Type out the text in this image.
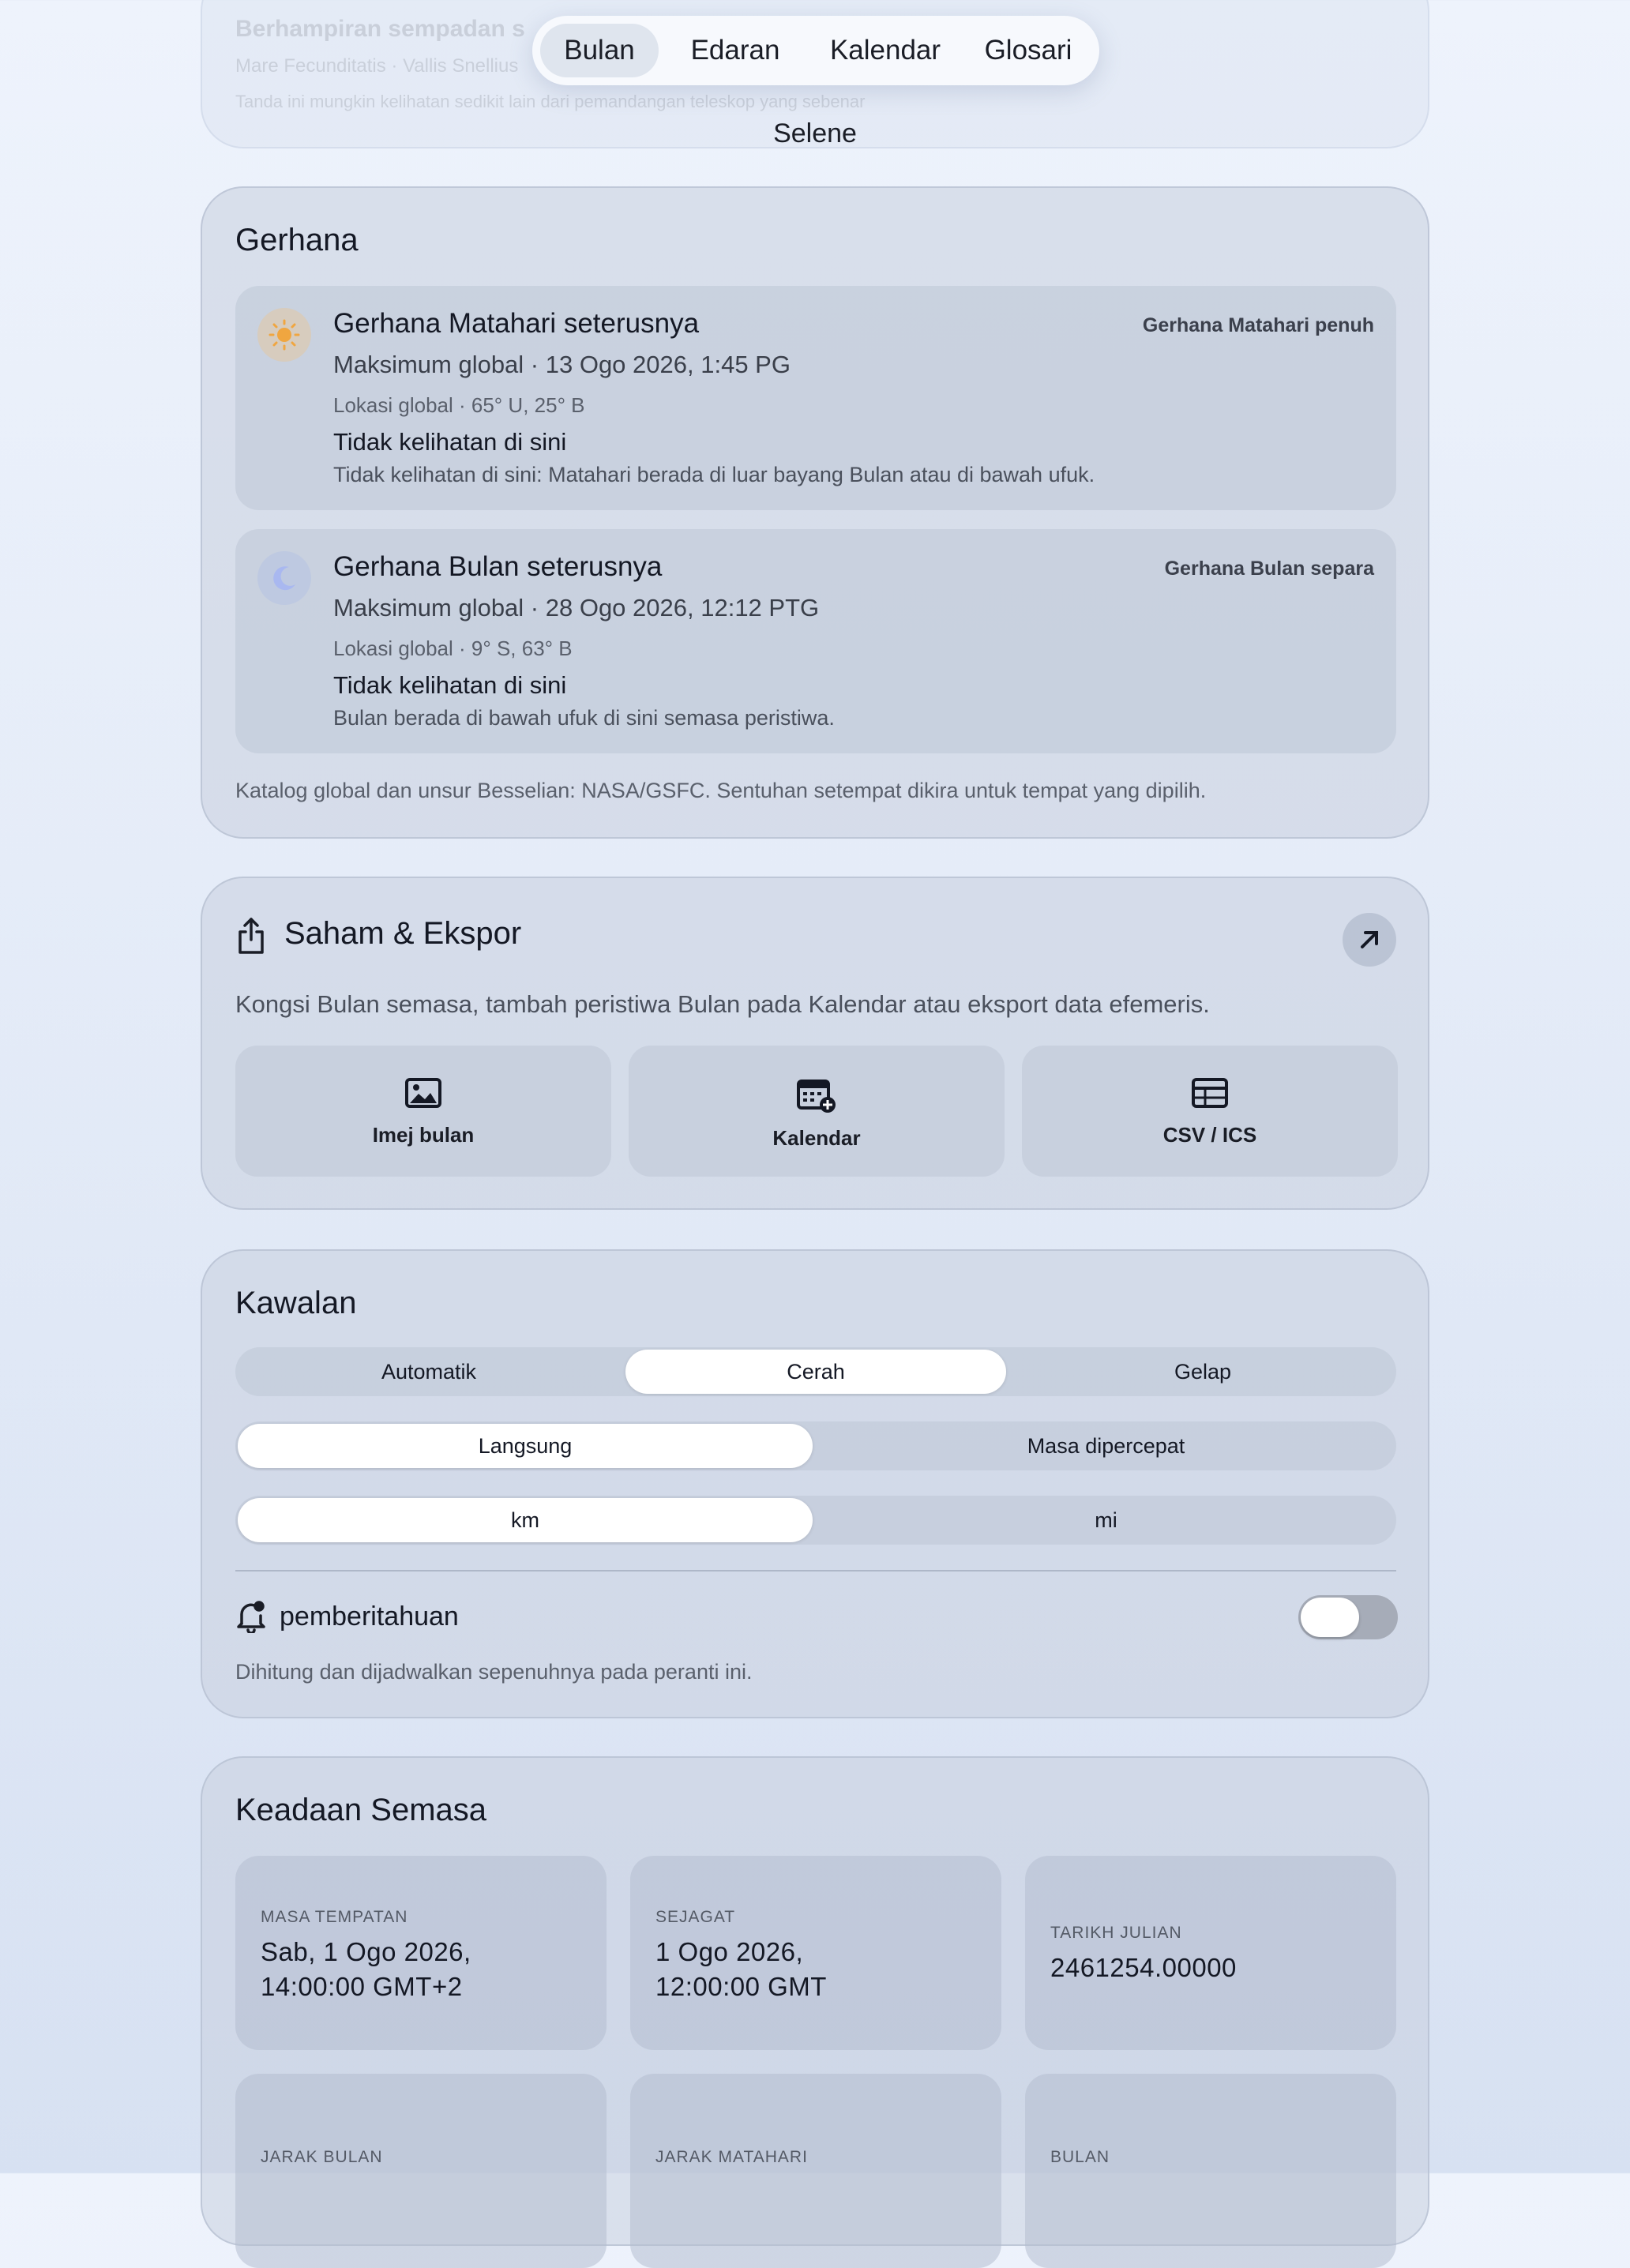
Berhampiran sempadan s
Mare Fecunditatis · Vallis Snellius
Tanda ini mungkin kelihatan sedikit lain dari pemandangan teleskop yang sebenar
Bulan	Edaran	Kalendar	Glosari
Selene
Gerhana
Gerhana Matahari seterusnya	Gerhana Matahari penuh
Maksimum global · 13 Ogo 2026, 1:45 PG
Lokasi global · 65° U, 25° B
Tidak kelihatan di sini
Tidak kelihatan di sini: Matahari berada di luar bayang Bulan atau di bawah ufuk.
Gerhana Bulan seterusnya	Gerhana Bulan separa
Maksimum global · 28 Ogo 2026, 12:12 PTG
Lokasi global · 9° S, 63° B
Tidak kelihatan di sini
Bulan berada di bawah ufuk di sini semasa peristiwa.
Katalog global dan unsur Besselian: NASA/GSFC. Sentuhan setempat dikira untuk tempat yang dipilih.
Saham & Ekspor
Kongsi Bulan semasa, tambah peristiwa Bulan pada Kalendar atau eksport data efemeris.
Imej bulan	Kalendar	CSV / ICS
Kawalan
Automatik	Cerah	Gelap
Langsung	Masa dipercepat
km	mi
pemberitahuan
Dihitung dan dijadwalkan sepenuhnya pada peranti ini.
Keadaan Semasa
MASA TEMPATAN
Sab, 1 Ogo 2026,
14:00:00 GMT+2
SEJAGAT
1 Ogo 2026,
12:00:00 GMT
TARIKH JULIAN
2461254.00000
JARAK BULAN	JARAK MATAHARI	BULAN
